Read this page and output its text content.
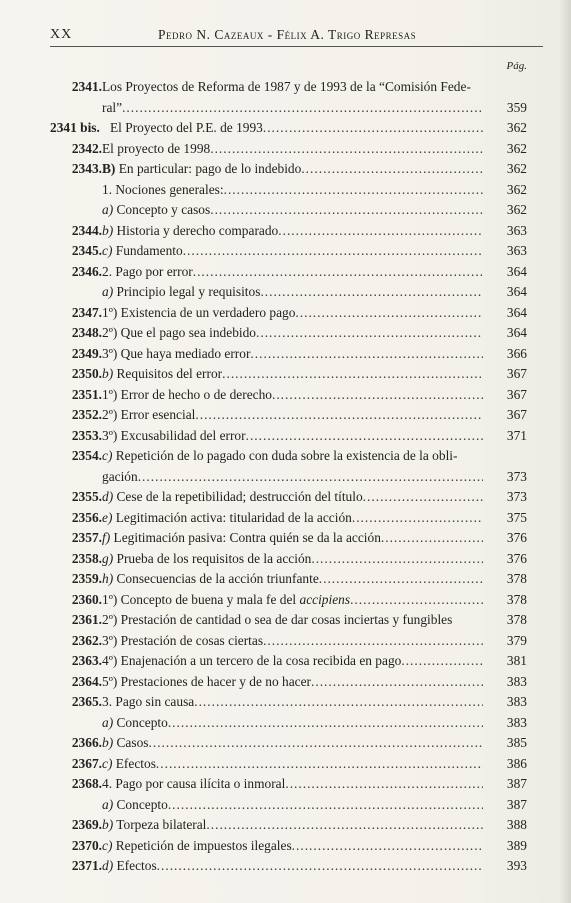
XX	Pedro N. Cazeaux - Félix A. Trigo Represas
Pág.
2341. Los Proyectos de Reforma de 1987 y de 1993 de la “Comisión Fede-
ral” .....	359
2341 bis. El Proyecto del P.E. de 1993 .....	362
2342. El proyecto de 1998 .....	362
2343. B) En particular: pago de lo indebido .....	362
1. Nociones generales: .....	362
a) Concepto y casos .....	362
2344. b) Historia y derecho comparado .....	363
2345. c) Fundamento .....	363
2346. 2. Pago por error .....	364
a) Principio legal y requisitos .....	364
2347. 1º) Existencia de un verdadero pago .....	364
2348. 2º) Que el pago sea indebido .....	364
2349. 3º) Que haya mediado error .....	366
2350. b) Requisitos del error .....	367
2351. 1º) Error de hecho o de derecho .....	367
2352. 2º) Error esencial .....	367
2353. 3º) Excusabilidad del error .....	371
2354. c) Repetición de lo pagado con duda sobre la existencia de la obli-
gación .....	373
2355. d) Cese de la repetibilidad; destrucción del título .....	373
2356. e) Legitimación activa: titularidad de la acción .....	375
2357. f) Legitimación pasiva: Contra quién se da la acción .....	376
2358. g) Prueba de los requisitos de la acción .....	376
2359. h) Consecuencias de la acción triunfante .....	378
2360. 1º) Concepto de buena y mala fe del accipiens .....	378
2361. 2º) Prestación de cantidad o sea de dar cosas inciertas y fungibles	378
2362. 3º) Prestación de cosas ciertas .....	379
2363. 4º) Enajenación a un tercero de la cosa recibida en pago .....	381
2364. 5º) Prestaciones de hacer y de no hacer .....	383
2365. 3. Pago sin causa .....	383
a) Concepto .....	383
2366. b) Casos .....	385
2367. c) Efectos .....	386
2368. 4. Pago por causa ilícita o inmoral .....	387
a) Concepto .....	387
2369. b) Torpeza bilateral .....	388
2370. c) Repetición de impuestos ilegales .....	389
2371. d) Efectos .....	393
